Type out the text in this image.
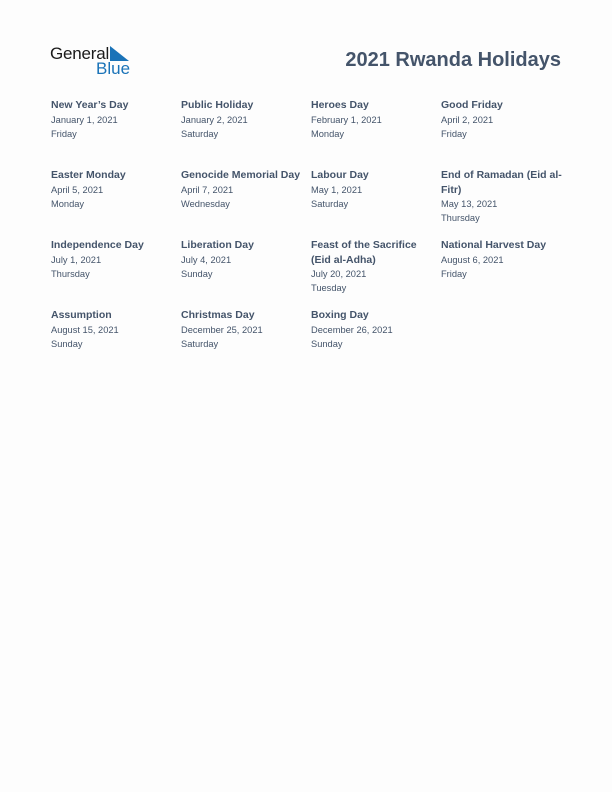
General
Blue	2021 Rwanda Holidays
New Year’s Day
January 1, 2021
Friday
Public Holiday
January 2, 2021
Saturday
Heroes Day
February 1, 2021
Monday
Good Friday
April 2, 2021
Friday
Easter Monday
April 5, 2021
Monday
Genocide Memorial Day
April 7, 2021
Wednesday
Labour Day
May 1, 2021
Saturday
End of Ramadan (Eid al-Fitr)
May 13, 2021
Thursday
Independence Day
July 1, 2021
Thursday
Liberation Day
July 4, 2021
Sunday
Feast of the Sacrifice (Eid al-Adha)
July 20, 2021
Tuesday
National Harvest Day
August 6, 2021
Friday
Assumption
August 15, 2021
Sunday
Christmas Day
December 25, 2021
Saturday
Boxing Day
December 26, 2021
Sunday
